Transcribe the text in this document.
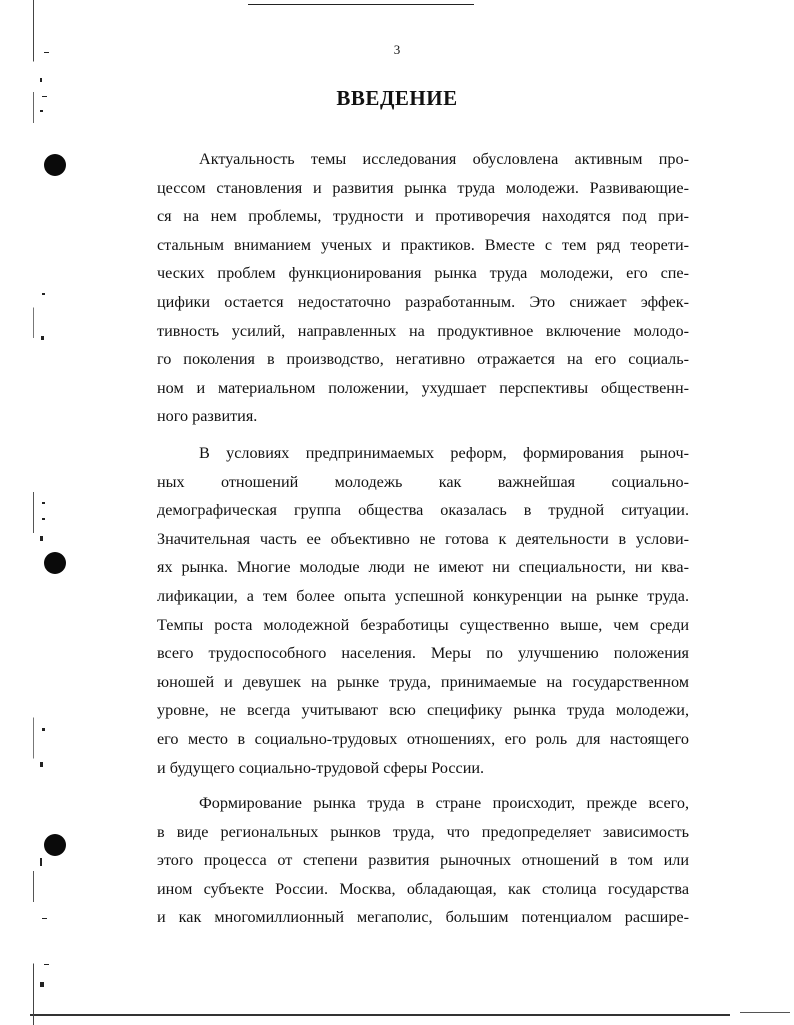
3
ВВЕДЕНИЕ

Актуальность темы исследования обусловлена активным про-
цессом становления и развития рынка труда молодежи. Развивающие-
ся на нем проблемы, трудности и противоречия находятся под при-
стальным вниманием ученых и практиков. Вместе с тем ряд теорети-
ческих проблем функционирования рынка труда молодежи, его спе-
цифики остается недостаточно разработанным. Это снижает эффек-
тивность усилий, направленных на продуктивное включение молодо-
го поколения в производство, негативно отражается на его социаль-
ном и материальном положении, ухудшает перспективы общественн-
ного развития.

В условиях предпринимаемых реформ, формирования рыноч-
ных отношений молодежь как важнейшая социально-
демографическая группа общества оказалась в трудной ситуации.
Значительная часть ее объективно не готова к деятельности в услови-
ях рынка. Многие молодые люди не имеют ни специальности, ни ква-
лификации, а тем более опыта успешной конкуренции на рынке труда.
Темпы роста молодежной безработицы существенно выше, чем среди
всего трудоспособного населения. Меры по улучшению положения
юношей и девушек на рынке труда, принимаемые на государственном
уровне, не всегда учитывают всю специфику рынка труда молодежи,
его место в социально-трудовых отношениях, его роль для настоящего
и будущего социально-трудовой сферы России.

Формирование рынка труда в стране происходит, прежде всего,
в виде региональных рынков труда, что предопределяет зависимость
этого процесса от степени развития рыночных отношений в том или
ином субъекте России. Москва, обладающая, как столица государства
и как многомиллионный мегаполис, большим потенциалом расшире-
